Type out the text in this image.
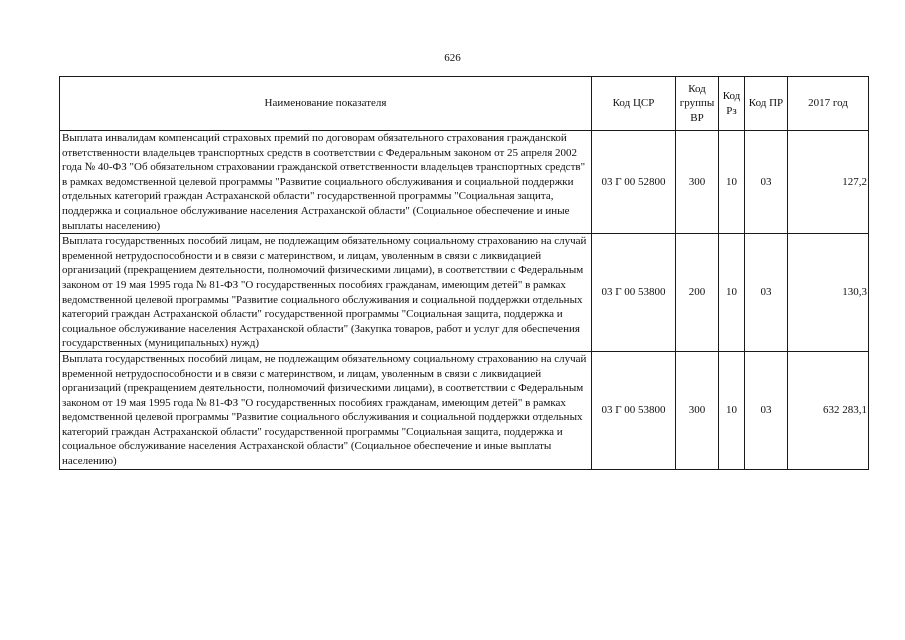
626
Наименование показателя	Код ЦСР	Код группы ВР	Код Рз	Код ПР	2017 год
Выплата инвалидам компенсаций страховых премий по договорам обязательного страхования гражданской ответственности владельцев транспортных средств в соответствии с Федеральным законом от 25 апреля 2002 года № 40-ФЗ "Об обязательном страховании гражданской ответственности владельцев транспортных средств" в рамках ведомственной целевой программы "Развитие социального обслуживания и социальной поддержки отдельных категорий граждан Астраханской области" государственной программы "Социальная защита, поддержка и социальное обслуживание населения Астраханской области" (Социальное обеспечение и иные выплаты населению)	03 Г 00 52800	300	10	03	127,2
Выплата государственных пособий лицам, не подлежащим обязательному социальному страхованию на случай временной нетрудоспособности и в связи с материнством, и лицам, уволенным в связи с ликвидацией организаций (прекращением деятельности, полномочий физическими лицами), в соответствии с Федеральным законом от 19 мая 1995 года № 81-ФЗ "О государственных пособиях гражданам, имеющим детей" в рамках ведомственной целевой программы "Развитие социального обслуживания и социальной поддержки отдельных категорий граждан Астраханской области" государственной программы "Социальная защита, поддержка и социальное обслуживание населения Астраханской области" (Закупка товаров, работ и услуг для обеспечения государственных (муниципальных) нужд)	03 Г 00 53800	200	10	03	130,3
Выплата государственных пособий лицам, не подлежащим обязательному социальному страхованию на случай временной нетрудоспособности и в связи с материнством, и лицам, уволенным в связи с ликвидацией организаций (прекращением деятельности, полномочий физическими лицами), в соответствии с Федеральным законом от 19 мая 1995 года № 81-ФЗ "О государственных пособиях гражданам, имеющим детей" в рамках ведомственной целевой программы "Развитие социального обслуживания и социальной поддержки отдельных категорий граждан Астраханской области" государственной программы "Социальная защита, поддержка и социальное обслуживание населения Астраханской области" (Социальное обеспечение и иные выплаты населению)	03 Г 00 53800	300	10	03	632 283,1
